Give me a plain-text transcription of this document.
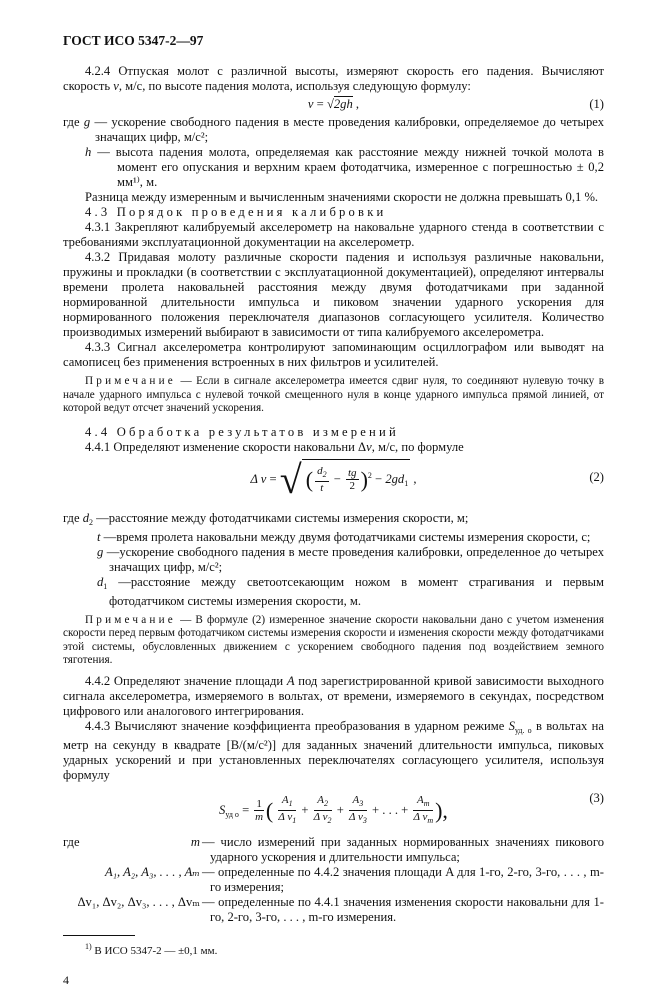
ГОСТ ИСО 5347-2—97

4.2.4 Отпуская молот с различной высоты, измеряют скорость его падения. Вычисляют скорость v, м/с, по высоте падения молота, используя следующую формулу:

v = √2gh ,	(1)

где g — ускорение свободного падения в месте проведения калибровки, определяемое до четырех значащих цифр, м/с²;

h — высота падения молота, определяемая как расстояние между нижней точкой молота в момент его опускания и верхним краем фотодатчика, измеренное с погрешностью ± 0,2 мм¹⁾, м.

Разница между измеренным и вычисленным значениями скорости не должна превышать 0,1 %.

4.3 Порядок проведения калибровки

4.3.1 Закрепляют калибруемый акселерометр на наковальне ударного стенда в соответствии с требованиями эксплуатационной документации на акселерометр.

4.3.2 Придавая молоту различные скорости падения и используя различные наковальни, пружины и прокладки (в соответствии с эксплуатационной документацией), определяют интервалы времени пролета наковальней расстояния между двумя фотодатчиками при заданной нормированной длительности импульса и пиковом значении ударного ускорения для нормированного положения переключателя диапазонов согласующего усилителя. Количество производимых измерений выбирают в зависимости от типа калибруемого акселерометра.

4.3.3 Сигнал акселерометра контролируют запоминающим осциллографом или выводят на самописец без применения встроенных в них фильтров и усилителей.

Примечание — Если в сигнале акселерометра имеется сдвиг нуля, то соединяют нулевую точку в начале ударного импульса с нулевой точкой смещенного нуля в конце ударного импульса прямой линией, от которой ведут отсчет значений ускорения.

4.4 Обработка результатов измерений

4.4.1 Определяют изменение скорости наковальни Δv, м/с, по формуле

Δ v = √ ( $\frac{d_2}{t} - \frac{tg}{2} )^2 - 2gd_1$ ,	(2)

где $d_2$ —расстояние между фотодатчиками системы измерения скорости, м;

t —время пролета наковальни между двумя фотодатчиками системы измерения скорости, с;

g —ускорение свободного падения в месте проведения калибровки, определенное до четырех значащих цифр, м/с²;

$d_1$ —расстояние между светоотсекающим ножом в момент страгивания и первым фотодатчиком системы измерения скорости, м.

Примечание — В формуле (2) измеренное значение скорости наковальни дано с учетом изменения скорости перед первым фотодатчиком системы измерения скорости и изменения скорости между фотодатчиками этой системы, обусловленных движением с ускорением свободного падения под воздействием земного тяготения.

4.4.2 Определяют значение площади A под зарегистрированной кривой зависимости выходного сигнала акселерометра, измеряемого в вольтах, от времени, измеряемого в секундах, посредством цифрового или аналогового интегрирования.

4.4.3 Вычисляют значение коэффициента преобразования в ударном режиме $S_{уд. о}$ в вольтах на метр на секунду в квадрате [В/(м/с²)] для заданных значений длительности импульса, пиковых ударных ускорений и при установленных переключателях согласующего усилителя, используя формулу

$S_{уд о} = \frac{1}{m}$ ( $\frac{A_1}{\Delta v_1} + \frac{A_2}{\Delta v_2} + \frac{A_3}{\Delta v_3}$ + . . . + $\frac{A_m}{\Delta v_m}$ ),
(3)
где	m — число измерений при заданных нормированных значениях пикового ударного ускорения и длительности импульса;
A₁, A₂, A₃, . . . , Aₘ — определенные по 4.4.2 значения площади A для 1-го, 2-го, 3-го, . . . , m-го измерения;
Δv₁, Δv₂, Δv₃, . . . , Δvₘ — определенные по 4.4.1 значения изменения скорости наковальни для 1-го, 2-го, 3-го, . . . , m-го измерения.

$^{1)}$ В ИСО 5347-2 — ±0,1 мм.

4
